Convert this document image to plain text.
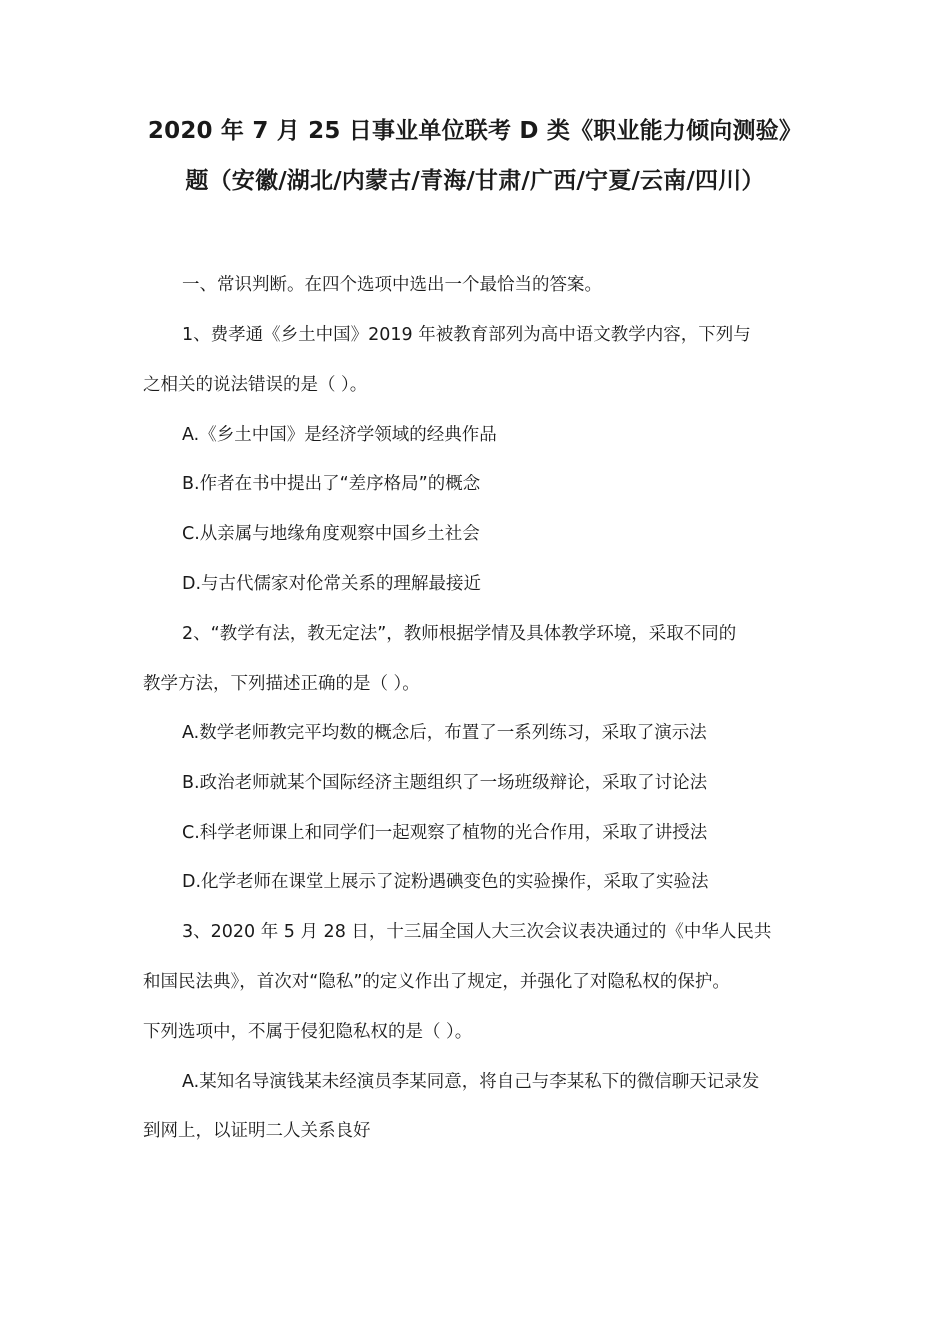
2020 年 7 月 25 日事业单位联考 D 类《职业能力倾向测验》
题（安徽/湖北/内蒙古/青海/甘肃/广西/宁夏/云南/四川）
一、常识判断。在四个选项中选出一个最恰当的答案。
1、费孝通《乡土中国》2019 年被教育部列为高中语文教学内容，下列与
之相关的说法错误的是（ ）。
A.《乡土中国》是经济学领域的经典作品
B.作者在书中提出了“差序格局”的概念
C.从亲属与地缘角度观察中国乡土社会
D.与古代儒家对伦常关系的理解最接近
2、“教学有法，教无定法”，教师根据学情及具体教学环境，采取不同的
教学方法，下列描述正确的是（ ）。
A.数学老师教完平均数的概念后，布置了一系列练习，采取了演示法
B.政治老师就某个国际经济主题组织了一场班级辩论，采取了讨论法
C.科学老师课上和同学们一起观察了植物的光合作用，采取了讲授法
D.化学老师在课堂上展示了淀粉遇碘变色的实验操作，采取了实验法
3、2020 年 5 月 28 日，十三届全国人大三次会议表决通过的《中华人民共
和国民法典》，首次对“隐私”的定义作出了规定，并强化了对隐私权的保护。
下列选项中，不属于侵犯隐私权的是（ ）。
A.某知名导演钱某未经演员李某同意，将自己与李某私下的微信聊天记录发
到网上，以证明二人关系良好
